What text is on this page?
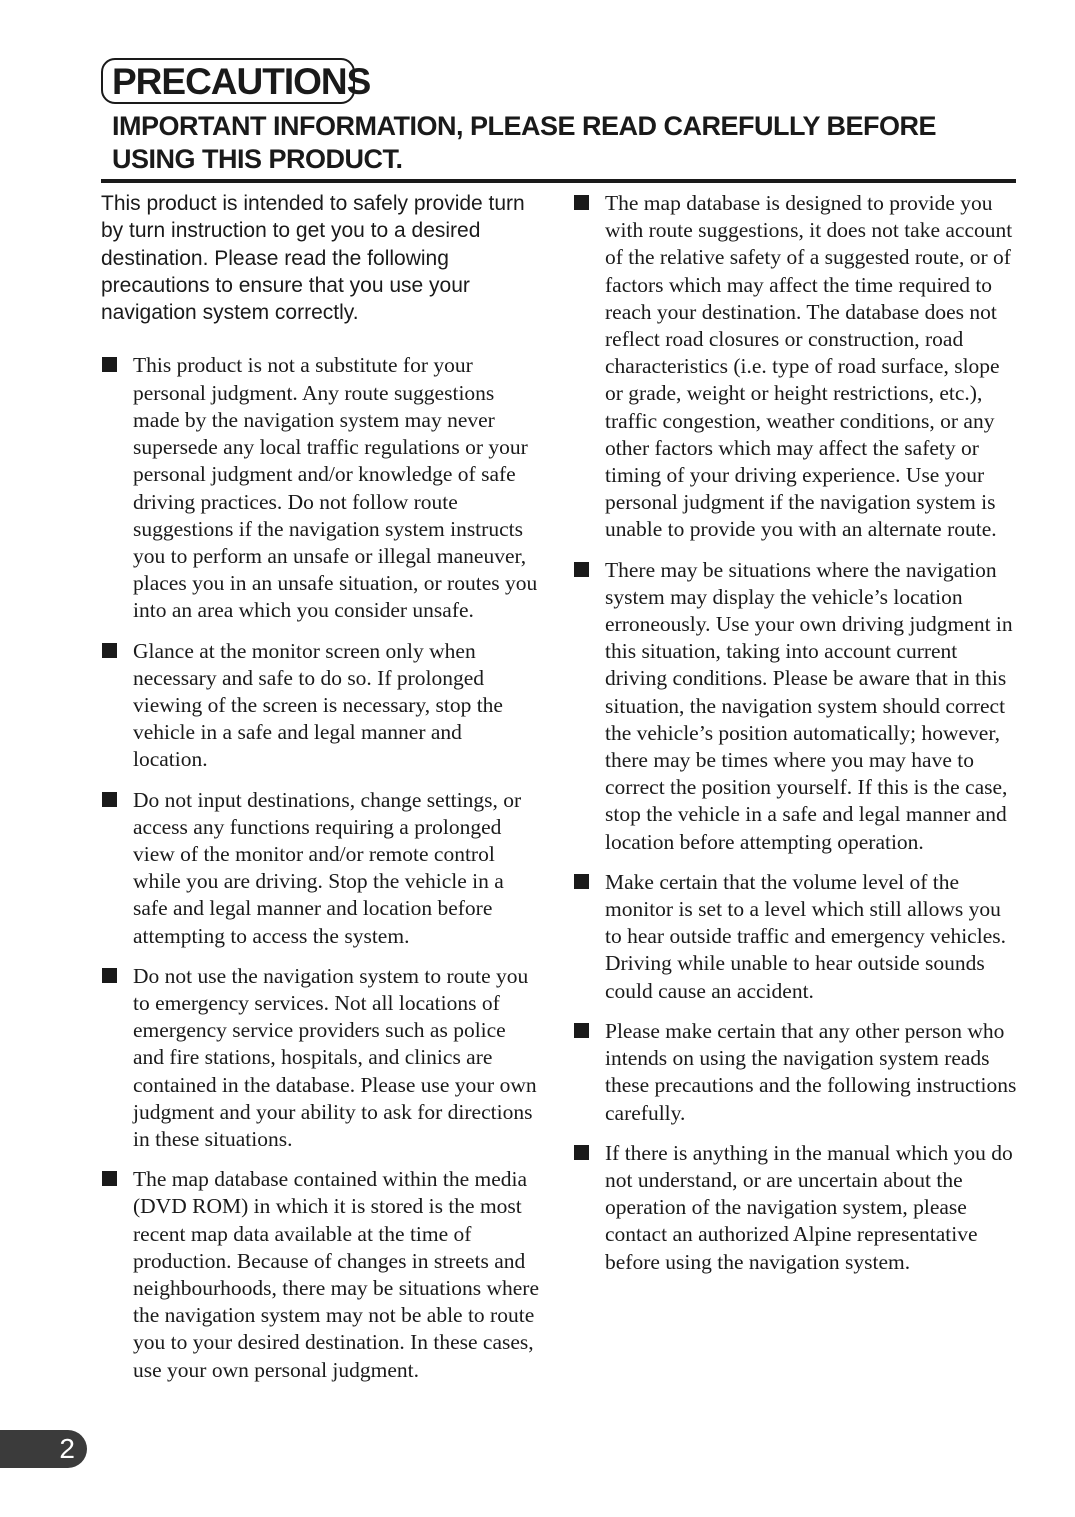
PRECAUTIONS
IMPORTANT INFORMATION, PLEASE READ CAREFULLY BEFORE USING THIS PRODUCT.

This product is intended to safely provide turn by turn instruction to get you to a desired destination. Please read the following precautions to ensure that you use your navigation system correctly.

This product is not a substitute for your personal judgment. Any route suggestions made by the navigation system may never supersede any local traffic regulations or your personal judgment and/or knowledge of safe driving practices. Do not follow route suggestions if the navigation system instructs you to perform an unsafe or illegal maneuver, places you in an unsafe situation, or routes you into an area which you consider unsafe.
Glance at the monitor screen only when necessary and safe to do so. If prolonged viewing of the screen is necessary, stop the vehicle in a safe and legal manner and location.
Do not input destinations, change settings, or access any functions requiring a prolonged view of the monitor and/or remote control while you are driving. Stop the vehicle in a safe and legal manner and location before attempting to access the system.
Do not use the navigation system to route you to emergency services. Not all locations of emergency service providers such as police and fire stations, hospitals, and clinics are contained in the database. Please use your own judgment and your ability to ask for directions in these situations.
The map database contained within the media (DVD ROM) in which it is stored is the most recent map data available at the time of production. Because of changes in streets and neighbourhoods, there may be situations where the navigation system may not be able to route you to your desired destination. In these cases, use your own personal judgment.
The map database is designed to provide you with route suggestions, it does not take account of the relative safety of a suggested route, or of factors which may affect the time required to reach your destination. The database does not reflect road closures or construction, road characteristics (i.e. type of road surface, slope or grade, weight or height restrictions, etc.), traffic congestion, weather conditions, or any other factors which may affect the safety or timing of your driving experience. Use your personal judgment if the navigation system is unable to provide you with an alternate route.
There may be situations where the navigation system may display the vehicle’s location erroneously. Use your own driving judgment in this situation, taking into account current driving conditions. Please be aware that in this situation, the navigation system should correct the vehicle’s position automatically; however, there may be times where you may have to correct the position yourself. If this is the case, stop the vehicle in a safe and legal manner and location before attempting operation.
Make certain that the volume level of the monitor is set to a level which still allows you to hear outside traffic and emergency vehicles. Driving while unable to hear outside sounds could cause an accident.
Please make certain that any other person who intends on using the navigation system reads these precautions and the following instructions carefully.
If there is anything in the manual which you do not understand, or are uncertain about the operation of the navigation system, please contact an authorized Alpine representative before using the navigation system.
2
